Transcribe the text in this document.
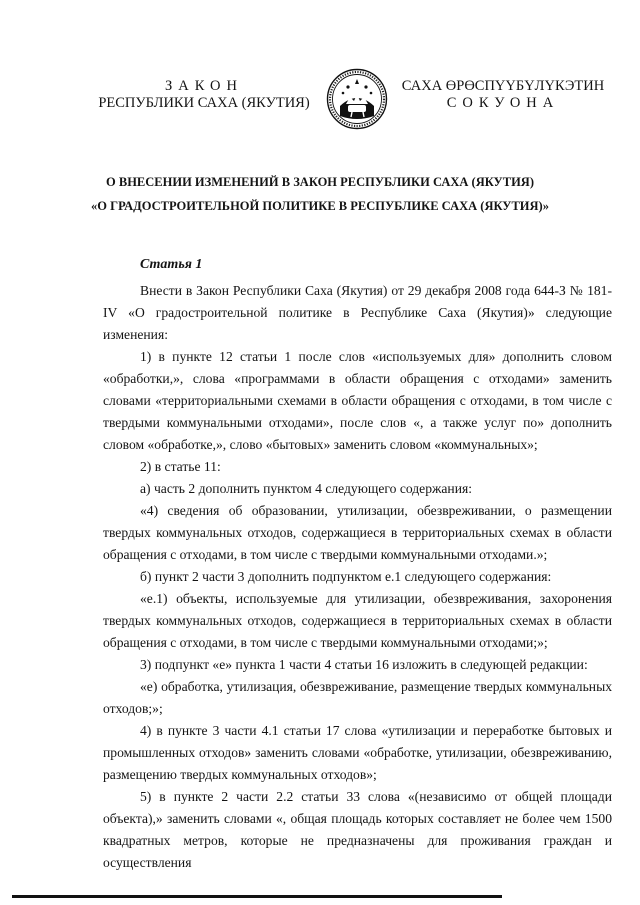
ЗАКОН
РЕСПУБЛИКИ САХА (ЯКУТИЯ)
САХА ӨРӨСПҮҮБҮЛҮКЭТИН
СОКУОНА
О ВНЕСЕНИИ ИЗМЕНЕНИЙ В ЗАКОН РЕСПУБЛИКИ САХА (ЯКУТИЯ)
«О ГРАДОСТРОИТЕЛЬНОЙ ПОЛИТИКЕ В РЕСПУБЛИКЕ САХА (ЯКУТИЯ)»

Статья 1

Внести в Закон Республики Саха (Якутия) от 29 декабря 2008 года 644-З № 181-IV «О градостроительной политике в Республике Саха (Якутия)» следующие изменения:

1) в пункте 12 статьи 1 после слов «используемых для» дополнить словом «обработки,», слова «программами в области обращения с отходами» заменить словами «территориальными схемами в области обращения с отходами, в том числе с твердыми коммунальными отходами», после слов «, а также услуг по» дополнить словом «обработке,», слово «бытовых» заменить словом «коммунальных»;

2) в статье 11:

а) часть 2 дополнить пунктом 4 следующего содержания:

«4) сведения об образовании, утилизации, обезвреживании, о размещении твердых коммунальных отходов, содержащиеся в территориальных схемах в области обращения с отходами, в том числе с твердыми коммунальными отходами.»;

б) пункт 2 части 3 дополнить подпунктом е.1 следующего содержания:

«е.1) объекты, используемые для утилизации, обезвреживания, захоронения твердых коммунальных отходов, содержащиеся в территориальных схемах в области обращения с отходами, в том числе с твердыми коммунальными отходами;»;

3) подпункт «е» пункта 1 части 4 статьи 16 изложить в следующей редакции:

«е) обработка, утилизация, обезвреживание, размещение твердых коммунальных отходов;»;

4) в пункте 3 части 4.1 статьи 17 слова «утилизации и переработке бытовых и промышленных отходов» заменить словами «обработке, утилизации, обезвреживанию, размещению твердых коммунальных отходов»;

5) в пункте 2 части 2.2 статьи 33 слова «(независимо от общей площади объекта),» заменить словами «, общая площадь которых составляет не более чем 1500 квадратных метров, которые не предназначены для проживания граждан и осуществления
